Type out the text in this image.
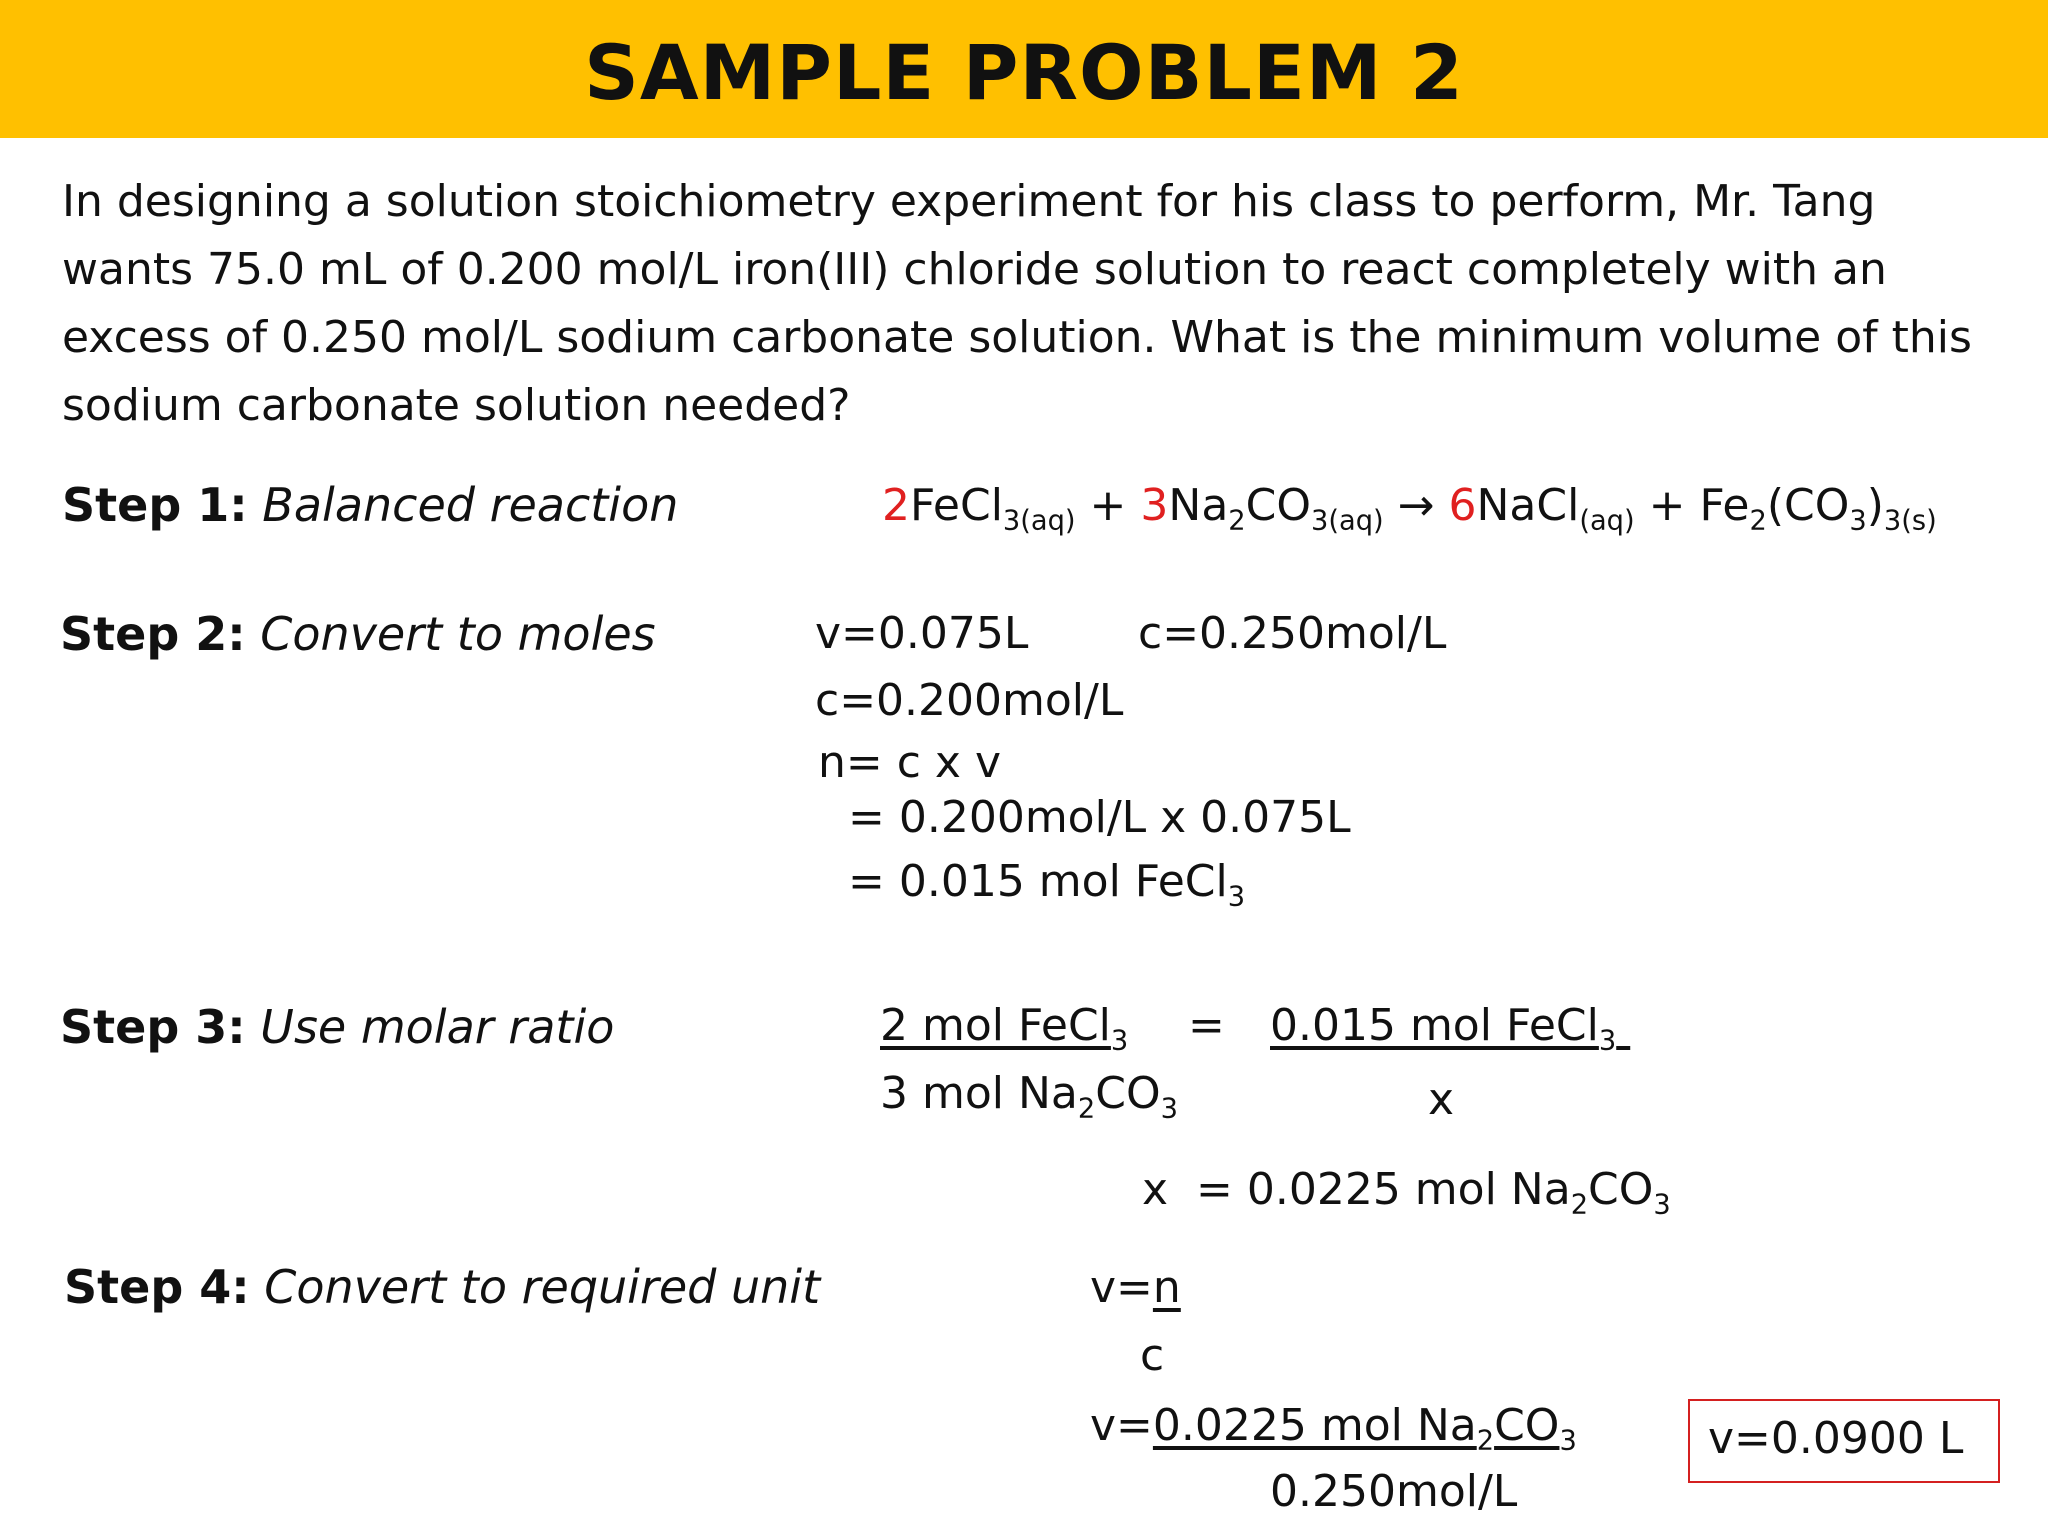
SAMPLE PROBLEM 2

In designing a solution stoichiometry experiment for his class to perform, Mr. Tang wants 75.0 mL of 0.200 mol/L iron(III) chloride solution to react completely with an excess of 0.250 mol/L sodium carbonate solution. What is the minimum volume of this sodium carbonate solution needed?

Step 1: Balanced reaction	2FeCl$_{3(aq)}$ + $3Na_2CO_{3(aq)}$ → 6NaCl$_{(aq)}$ + $Fe_2(CO_3)_{3(s)}$
Step 2: Convert to moles	v=0.075L c=0.250mol/L
c=0.200mol/L
n= c x v
= 0.200mol/L x 0.075L
= 0.015 mol FeCl$_3$
Step 3: Use molar ratio	2 mol FeCl$_3$
3 mol $Na_2CO_3$
= 0.015 mol FeCl$_3$
x
x  = 0.0225 mol $Na_2CO_3$
Step 4: Convert to required unit	v=n
c
v=0.0225 mol $Na_2CO_3$
0.250mol/L
v=0.0900 L
